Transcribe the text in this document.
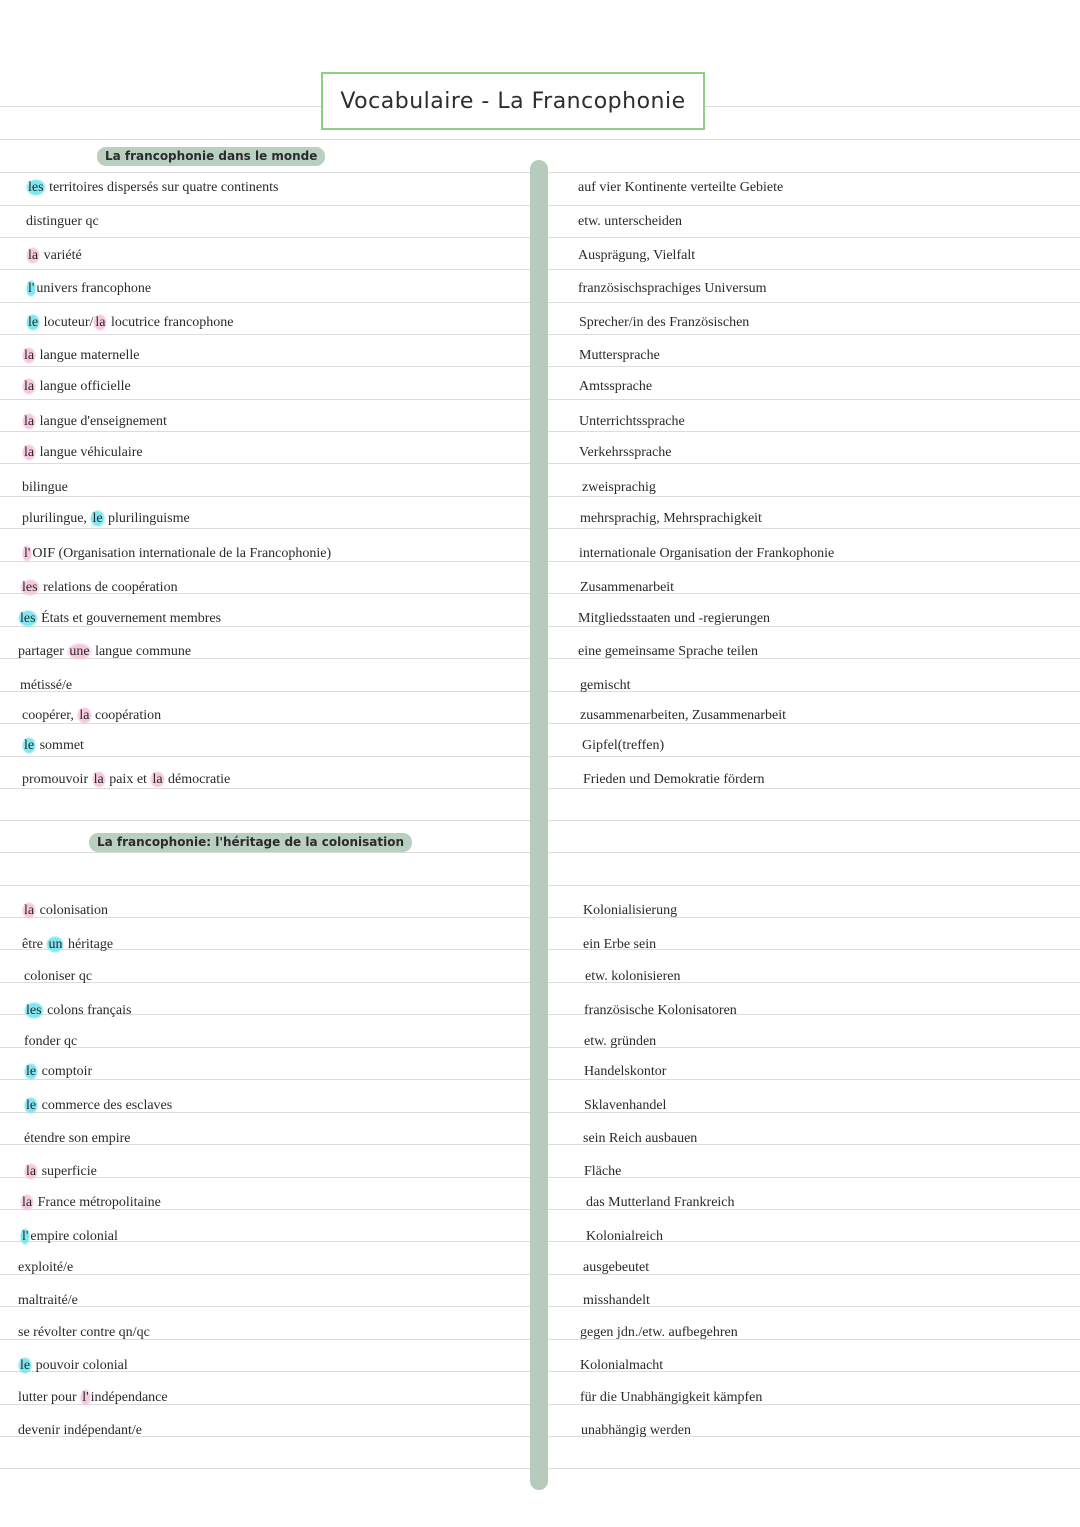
Vocabulaire - La Francophonie
La francophonie dans le monde
La francophonie: l'héritage de la colonisation
les territoires dispersés sur quatre continents	auf vier Kontinente verteilte Gebiete
distinguer qc	etw. unterscheiden
la variété	Ausprägung, Vielfalt
l' univers francophone	französischsprachiges Universum
le locuteur/ la locutrice francophone	Sprecher/in des Französischen
la langue maternelle	Muttersprache
la langue officielle	Amtssprache
la langue d'enseignement	Unterrichtssprache
la langue véhiculaire	Verkehrssprache
bilingue	zweisprachig
plurilingue, le plurilinguisme	mehrsprachig, Mehrsprachigkeit
l' OIF (Organisation internationale de la Francophonie)	internationale Organisation der Frankophonie
les relations de coopération	Zusammenarbeit
les États et gouvernement membres	Mitgliedsstaaten und -regierungen
partager une langue commune	eine gemeinsame Sprache teilen
métissé/e	gemischt
coopérer, la coopération	zusammenarbeiten, Zusammenarbeit
le sommet	Gipfel(treffen)
promouvoir la paix et la démocratie	Frieden und Demokratie fördern
la colonisation	Kolonialisierung
être un héritage	ein Erbe sein
coloniser qc	etw. kolonisieren
les colons français	französische Kolonisatoren
fonder qc	etw. gründen
le comptoir	Handelskontor
le commerce des esclaves	Sklavenhandel
étendre son empire	sein Reich ausbauen
la superficie	Fläche
la France métropolitaine	das Mutterland Frankreich
l' empire colonial	Kolonialreich
exploité/e	ausgebeutet
maltraité/e	misshandelt
se révolter contre qn/qc	gegen jdn./etw. aufbegehren
le pouvoir colonial	Kolonialmacht
lutter pour l' indépendance	für die Unabhängigkeit kämpfen
devenir indépendant/e	unabhängig werden
